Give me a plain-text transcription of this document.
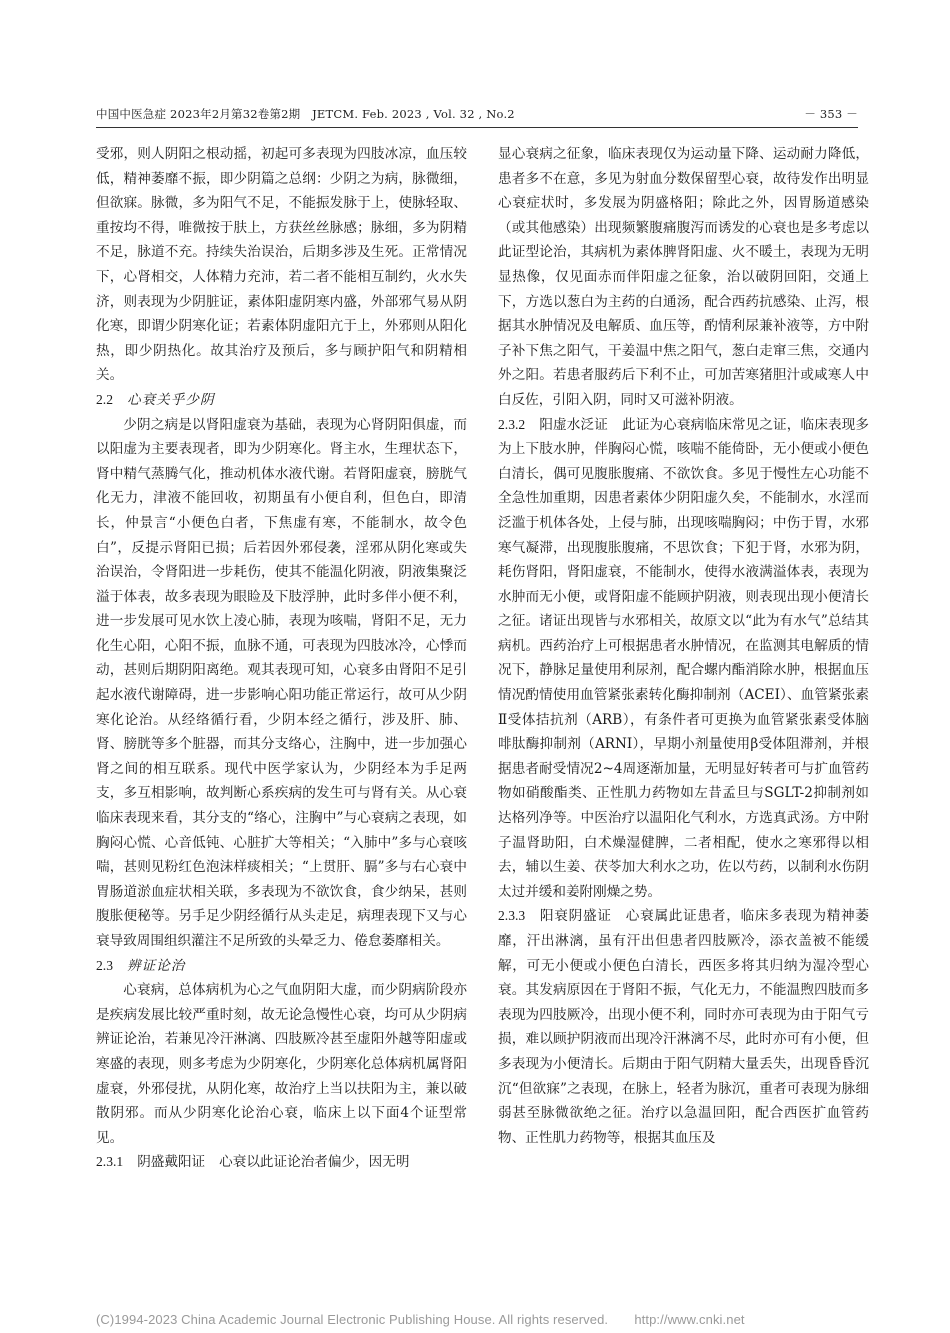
中国中医急症 2023年2月第32卷第2期　JETCM. Feb. 2023 , Vol. 32 , No.2	－ 353 －

受邪，则人阴阳之根动摇，初起可多表现为四肢冰凉，血压较低，精神萎靡不振，即少阴篇之总纲：少阴之为病，脉微细，但欲寐。脉微，多为阳气不足，不能振发脉于上，使脉轻取、重按均不得，唯微按于肤上，方获丝丝脉感；脉细，多为阴精不足，脉道不充。持续失治误治，后期多涉及生死。正常情况下，心肾相交，人体精力充沛，若二者不能相互制约，火水失济，则表现为少阴脏证，素体阳虚阴寒内盛，外部邪气易从阴化寒，即谓少阴寒化证；若素体阴虚阳亢于上，外邪则从阳化热，即少阴热化。故其治疗及预后，多与顾护阳气和阴精相关。

2.2 心衰关乎少阴

少阴之病是以肾阳虚衰为基础，表现为心肾阴阳俱虚，而以阳虚为主要表现者，即为少阴寒化。肾主水，生理状态下，肾中精气蒸腾气化，推动机体水液代谢。若肾阳虚衰，膀胱气化无力，津液不能回收，初期虽有小便自利，但色白，即清长，仲景言“小便色白者，下焦虚有寒，不能制水，故令色白”，反提示肾阳已损；后若因外邪侵袭，淫邪从阴化寒或失治误治，令肾阳进一步耗伤，使其不能温化阴液，阴液集聚泛溢于体表，故多表现为眼睑及下肢浮肿，此时多伴小便不利，进一步发展可见水饮上凌心肺，表现为咳喘，肾阳不足，无力化生心阳，心阳不振，血脉不通，可表现为四肢冰冷，心悸而动，甚则后期阴阳离绝。观其表现可知，心衰多由肾阳不足引起水液代谢障碍，进一步影响心阳功能正常运行，故可从少阴寒化论治。从经络循行看，少阴本经之循行，涉及肝、肺、肾、膀胱等多个脏器，而其分支络心，注胸中，进一步加强心肾之间的相互联系。现代中医学家认为，少阴经本为手足两支，多互相影响，故判断心系疾病的发生可与肾有关。从心衰临床表现来看，其分支的“络心，注胸中”与心衰病之表现，如胸闷心慌、心音低钝、心脏扩大等相关；“入肺中”多与心衰咳喘，甚则见粉红色泡沫样痰相关；“上贯肝、膈”多与右心衰中胃肠道淤血症状相关联，多表现为不欲饮食，食少纳呆，甚则腹胀便秘等。另手足少阴经循行从头走足，病理表现下又与心衰导致周围组织灌注不足所致的头晕乏力、倦怠萎靡相关。

2.3 辨证论治

心衰病，总体病机为心之气血阴阳大虚，而少阴病阶段亦是疾病发展比较严重时刻，故无论急慢性心衰，均可从少阴病辨证论治，若兼见冷汗淋漓、四肢厥冷甚至虚阳外越等阳虚或寒盛的表现，则多考虑为少阴寒化，少阴寒化总体病机属肾阳虚衰，外邪侵扰，从阴化寒，故治疗上当以扶阳为主，兼以破散阴邪。而从少阴寒化论治心衰，临床上以下面4个证型常见。

2.3.1 阴盛戴阳证 心衰以此证论治者偏少，因无明

显心衰病之征象，临床表现仅为运动量下降、运动耐力降低，患者多不在意，多见为射血分数保留型心衰，故待发作出明显心衰症状时，多发展为阴盛格阳；除此之外，因胃肠道感染（或其他感染）出现频繁腹痛腹泻而诱发的心衰也是多考虑以此证型论治，其病机为素体脾肾阳虚、火不暖土，表现为无明显热像，仅见面赤而伴阳虚之征象，治以破阴回阳，交通上下，方选以葱白为主药的白通汤，配合西药抗感染、止泻，根据其水肿情况及电解质、血压等，酌情利尿兼补液等，方中附子补下焦之阳气，干姜温中焦之阳气，葱白走窜三焦，交通内外之阳。若患者服药后下利不止，可加苦寒猪胆汁或咸寒人中白反佐，引阳入阴，同时又可滋补阴液。

2.3.2 阳虚水泛证 此证为心衰病临床常见之证，临床表现多为上下肢水肿，伴胸闷心慌，咳喘不能倚卧，无小便或小便色白清长，偶可见腹胀腹痛、不欲饮食。多见于慢性左心功能不全急性加重期，因患者素体少阴阳虚久矣，不能制水，水淫而泛滥于机体各处，上侵与肺，出现咳喘胸闷；中伤于胃，水邪寒气凝滞，出现腹胀腹痛，不思饮食；下犯于肾，水邪为阴，耗伤肾阳，肾阳虚衰，不能制水，使得水液满溢体表，表现为水肿而无小便，或肾阳虚不能顾护阴液，则表现出现小便清长之征。诸证出现皆与水邪相关，故原文以“此为有水气”总结其病机。西药治疗上可根据患者水肿情况，在监测其电解质的情况下，静脉足量使用利尿剂，配合螺内酯消除水肿，根据血压情况酌情使用血管紧张素转化酶抑制剂（ACEI）、血管紧张素Ⅱ受体拮抗剂（ARB），有条件者可更换为血管紧张素受体脑啡肽酶抑制剂（ARNI），早期小剂量使用β受体阻滞剂，并根据患者耐受情况2~4周逐渐加量，无明显好转者可与扩血管药物如硝酸酯类、正性肌力药物如左昔孟旦与SGLT-2抑制剂如达格列净等。中医治疗以温阳化气利水，方选真武汤。方中附子温肾助阳，白术燥湿健脾，二者相配，使水之寒邪得以相去，辅以生姜、茯苓加大利水之功，佐以芍药，以制利水伤阴太过并缓和姜附刚燥之势。

2.3.3 阳衰阴盛证 心衰属此证患者，临床多表现为精神萎靡，汗出淋漓，虽有汗出但患者四肢厥冷，添衣盖被不能缓解，可无小便或小便色白清长，西医多将其归纳为湿冷型心衰。其发病原因在于肾阳不振，气化无力，不能温煦四肢而多表现为四肢厥冷，出现小便不利，同时亦可表现为由于阳气亏损，难以顾护阴液而出现冷汗淋漓不尽，此时亦可有小便，但多表现为小便清长。后期由于阳气阴精大量丢失，出现昏昏沉沉“但欲寐”之表现，在脉上，轻者为脉沉，重者可表现为脉细弱甚至脉微欲绝之征。治疗以急温回阳，配合西医扩血管药物、正性肌力药物等，根据其血压及

(C)1994-2023 China Academic Journal Electronic Publishing House. All rights reserved.　　http://www.cnki.net
